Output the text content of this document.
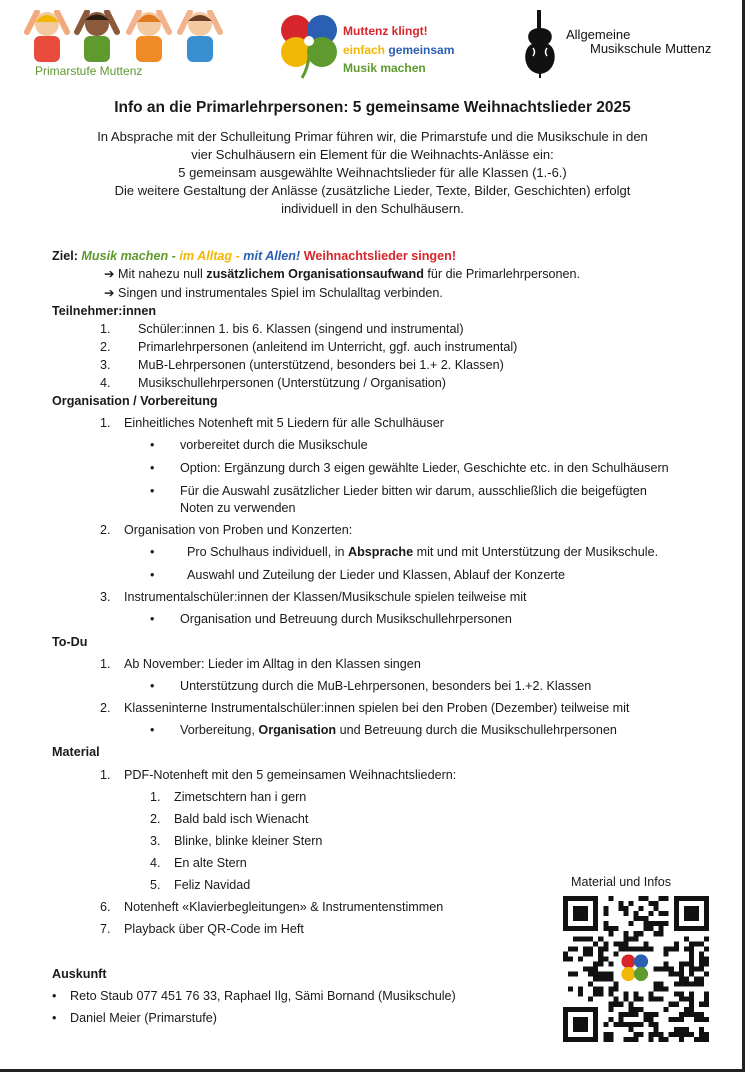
Primarstufe Muttenz
Muttenz klingt!
einfach gemeinsam
Musik machen
Allgemeine
Musikschule Muttenz
Info an die Primarlehrpersonen: 5 gemeinsame Weihnachtslieder 2025
In Absprache mit der Schulleitung Primar führen wir, die Primarstufe und die Musikschule in den
vier Schulhäusern ein Element für die Weihnachts-Anlässe ein:
5 gemeinsam ausgewählte Weihnachtslieder für alle Klassen (1.-6.)
Die weitere Gestaltung der Anlässe (zusätzliche Lieder, Texte, Bilder, Geschichten) erfolgt
individuell in den Schulhäusern.
Ziel: Musik machen - im Alltag - mit Allen! Weihnachtslieder singen!
➔ Mit nahezu null zusätzlichem Organisationsaufwand für die Primarlehrpersonen.
➔ Singen und instrumentales Spiel im Schulalltag verbinden.
Teilnehmer:innen
1. Schüler:innen 1. bis 6. Klassen (singend und instrumental)
2. Primarlehrpersonen (anleitend im Unterricht, ggf. auch instrumental)
3. MuB-Lehrpersonen (unterstützend, besonders bei 1.+ 2. Klassen)
4. Musikschullehrpersonen (Unterstützung / Organisation)
Organisation / Vorbereitung
1. Einheitliches Notenheft mit 5 Liedern für alle Schulhäuser
•
vorbereitet durch die Musikschule
•
Option: Ergänzung durch 3 eigen gewählte Lieder, Geschichte etc. in den Schulhäusern
•
Für die Auswahl zusätzlicher Lieder bitten wir darum, ausschließlich die beigefügten
Noten zu verwenden
2. Organisation von Proben und Konzerten:
•
Pro Schulhaus individuell, in Absprache mit und mit Unterstützung der Musikschule.
•
Auswahl und Zuteilung der Lieder und Klassen, Ablauf der Konzerte
3. Instrumentalschüler:innen der Klassen/Musikschule spielen teilweise mit
•
Organisation und Betreuung durch Musikschullehrpersonen
To-Du
1. Ab November: Lieder im Alltag in den Klassen singen
•
Unterstützung durch die MuB-Lehrpersonen, besonders bei 1.+2. Klassen
2. Klasseninterne Instrumentalschüler:innen spielen bei den Proben (Dezember) teilweise mit
•
Vorbereitung, Organisation und Betreuung durch die Musikschullehrpersonen
Material
1. PDF-Notenheft mit den 5 gemeinsamen Weihnachtsliedern:
1. Zimetschtern han i gern
2. Bald bald isch Wienacht
3. Blinke, blinke kleiner Stern
4. En alte Stern
5. Feliz Navidad
6. Notenheft «Klavierbegleitungen» & Instrumentenstimmen
7. Playback über QR-Code im Heft
Material und Infos
Auskunft
•
Reto Staub 077 451 76 33, Raphael Ilg, Sämi Bornand (Musikschule)
•
Daniel Meier (Primarstufe)
